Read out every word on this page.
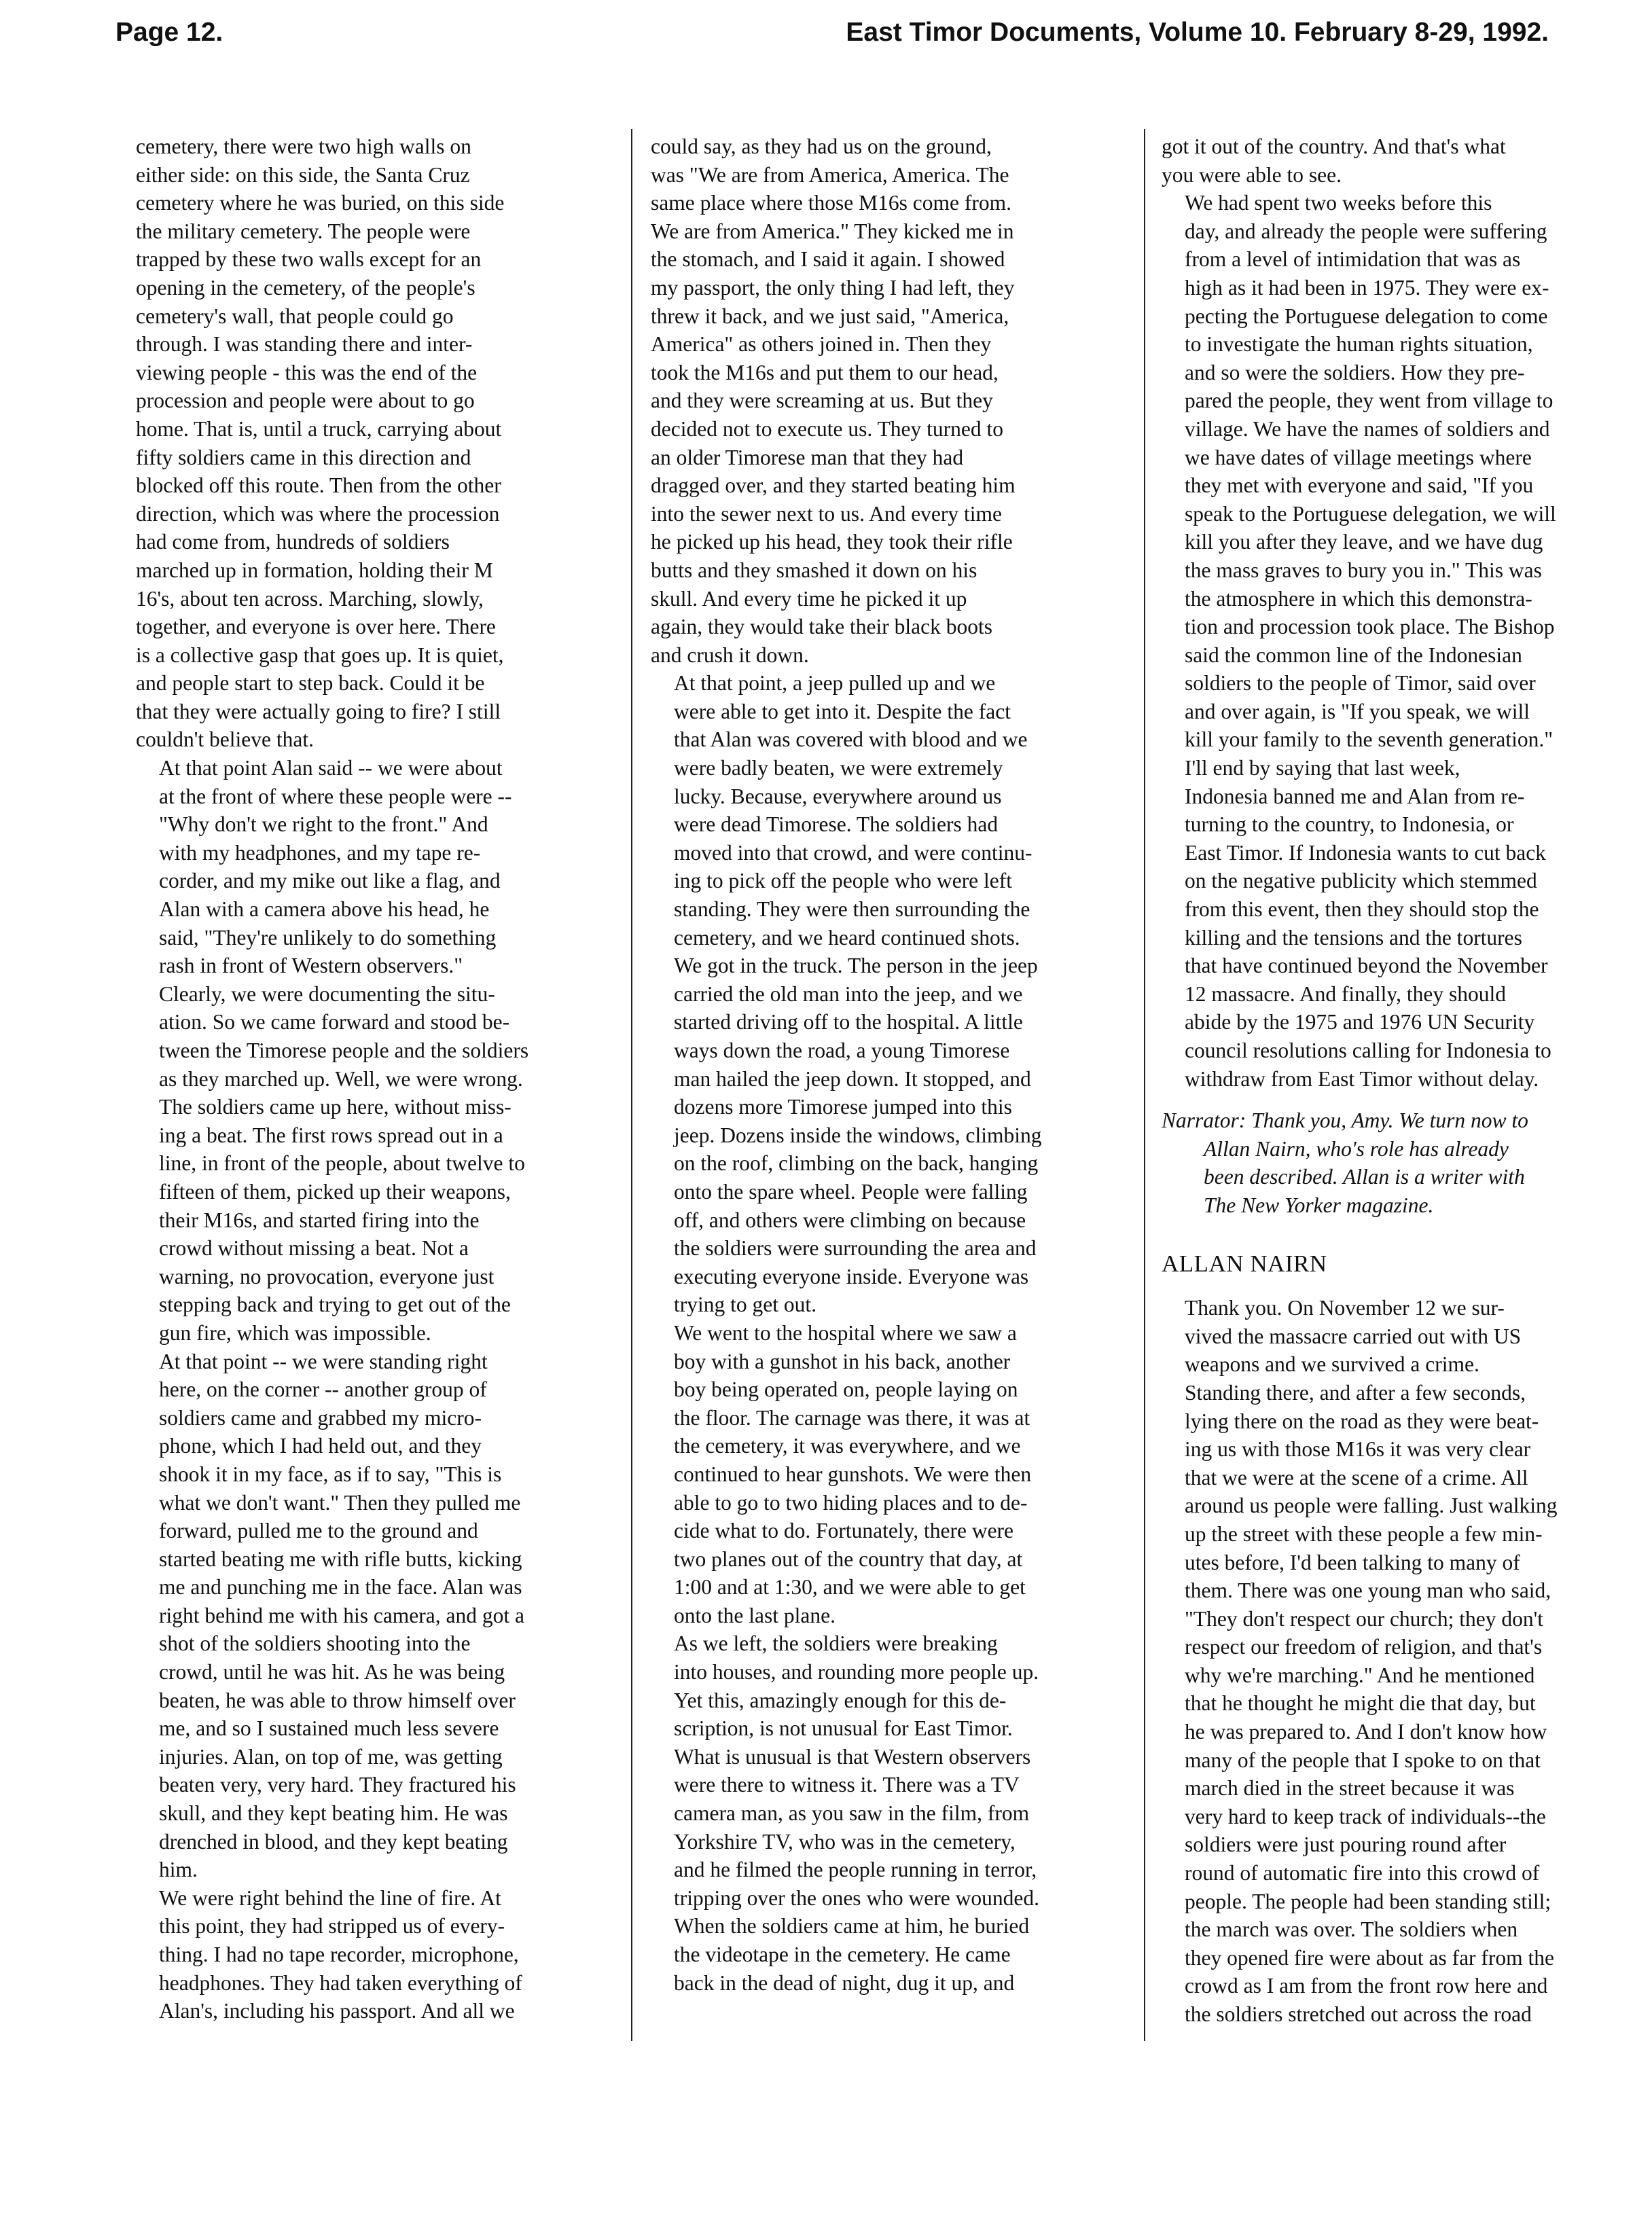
Page 12.	East Timor Documents, Volume 10. February 8-29, 1992.
cemetery, there were two high walls on
either side: on this side, the Santa Cruz
cemetery where he was buried, on this side
the military cemetery. The people were
trapped by these two walls except for an
opening in the cemetery, of the people's
cemetery's wall, that people could go
through. I was standing there and inter-
viewing people - this was the end of the
procession and people were about to go
home. That is, until a truck, carrying about
fifty soldiers came in this direction and
blocked off this route. Then from the other
direction, which was where the procession
had come from, hundreds of soldiers
marched up in formation, holding their M
16's, about ten across. Marching, slowly,
together, and everyone is over here. There
is a collective gasp that goes up. It is quiet,
and people start to step back. Could it be
that they were actually going to fire? I still
couldn't believe that.
At that point Alan said -- we were about
at the front of where these people were --
"Why don't we right to the front." And
with my headphones, and my tape re-
corder, and my mike out like a flag, and
Alan with a camera above his head, he
said, "They're unlikely to do something
rash in front of Western observers."
Clearly, we were documenting the situ-
ation. So we came forward and stood be-
tween the Timorese people and the soldiers
as they marched up. Well, we were wrong.
The soldiers came up here, without miss-
ing a beat. The first rows spread out in a
line, in front of the people, about twelve to
fifteen of them, picked up their weapons,
their M16s, and started firing into the
crowd without missing a beat. Not a
warning, no provocation, everyone just
stepping back and trying to get out of the
gun fire, which was impossible.
At that point -- we were standing right
here, on the corner -- another group of
soldiers came and grabbed my micro-
phone, which I had held out, and they
shook it in my face, as if to say, "This is
what we don't want." Then they pulled me
forward, pulled me to the ground and
started beating me with rifle butts, kicking
me and punching me in the face. Alan was
right behind me with his camera, and got a
shot of the soldiers shooting into the
crowd, until he was hit. As he was being
beaten, he was able to throw himself over
me, and so I sustained much less severe
injuries. Alan, on top of me, was getting
beaten very, very hard. They fractured his
skull, and they kept beating him. He was
drenched in blood, and they kept beating
him.
We were right behind the line of fire. At
this point, they had stripped us of every-
thing. I had no tape recorder, microphone,
headphones. They had taken everything of
Alan's, including his passport. And all we
could say, as they had us on the ground,
was "We are from America, America. The
same place where those M16s come from.
We are from America." They kicked me in
the stomach, and I said it again. I showed
my passport, the only thing I had left, they
threw it back, and we just said, "America,
America" as others joined in. Then they
took the M16s and put them to our head,
and they were screaming at us. But they
decided not to execute us. They turned to
an older Timorese man that they had
dragged over, and they started beating him
into the sewer next to us. And every time
he picked up his head, they took their rifle
butts and they smashed it down on his
skull. And every time he picked it up
again, they would take their black boots
and crush it down.
At that point, a jeep pulled up and we
were able to get into it. Despite the fact
that Alan was covered with blood and we
were badly beaten, we were extremely
lucky. Because, everywhere around us
were dead Timorese. The soldiers had
moved into that crowd, and were continu-
ing to pick off the people who were left
standing. They were then surrounding the
cemetery, and we heard continued shots.
We got in the truck. The person in the jeep
carried the old man into the jeep, and we
started driving off to the hospital. A little
ways down the road, a young Timorese
man hailed the jeep down. It stopped, and
dozens more Timorese jumped into this
jeep. Dozens inside the windows, climbing
on the roof, climbing on the back, hanging
onto the spare wheel. People were falling
off, and others were climbing on because
the soldiers were surrounding the area and
executing everyone inside. Everyone was
trying to get out.
We went to the hospital where we saw a
boy with a gunshot in his back, another
boy being operated on, people laying on
the floor. The carnage was there, it was at
the cemetery, it was everywhere, and we
continued to hear gunshots. We were then
able to go to two hiding places and to de-
cide what to do. Fortunately, there were
two planes out of the country that day, at
1:00 and at 1:30, and we were able to get
onto the last plane.
As we left, the soldiers were breaking
into houses, and rounding more people up.
Yet this, amazingly enough for this de-
scription, is not unusual for East Timor.
What is unusual is that Western observers
were there to witness it. There was a TV
camera man, as you saw in the film, from
Yorkshire TV, who was in the cemetery,
and he filmed the people running in terror,
tripping over the ones who were wounded.
When the soldiers came at him, he buried
the videotape in the cemetery. He came
back in the dead of night, dug it up, and
got it out of the country. And that's what
you were able to see.
We had spent two weeks before this
day, and already the people were suffering
from a level of intimidation that was as
high as it had been in 1975. They were ex-
pecting the Portuguese delegation to come
to investigate the human rights situation,
and so were the soldiers. How they pre-
pared the people, they went from village to
village. We have the names of soldiers and
we have dates of village meetings where
they met with everyone and said, "If you
speak to the Portuguese delegation, we will
kill you after they leave, and we have dug
the mass graves to bury you in." This was
the atmosphere in which this demonstra-
tion and procession took place. The Bishop
said the common line of the Indonesian
soldiers to the people of Timor, said over
and over again, is "If you speak, we will
kill your family to the seventh generation."
I'll end by saying that last week,
Indonesia banned me and Alan from re-
turning to the country, to Indonesia, or
East Timor. If Indonesia wants to cut back
on the negative publicity which stemmed
from this event, then they should stop the
killing and the tensions and the tortures
that have continued beyond the November
12 massacre. And finally, they should
abide by the 1975 and 1976 UN Security
council resolutions calling for Indonesia to
withdraw from East Timor without delay.
Narrator: Thank you, Amy. We turn now to
Allan Nairn, who's role has already
been described. Allan is a writer with
The New Yorker magazine.
ALLAN NAIRN
Thank you. On November 12 we sur-
vived the massacre carried out with US
weapons and we survived a crime.
Standing there, and after a few seconds,
lying there on the road as they were beat-
ing us with those M16s it was very clear
that we were at the scene of a crime. All
around us people were falling. Just walking
up the street with these people a few min-
utes before, I'd been talking to many of
them. There was one young man who said,
"They don't respect our church; they don't
respect our freedom of religion, and that's
why we're marching." And he mentioned
that he thought he might die that day, but
he was prepared to. And I don't know how
many of the people that I spoke to on that
march died in the street because it was
very hard to keep track of individuals--the
soldiers were just pouring round after
round of automatic fire into this crowd of
people. The people had been standing still;
the march was over. The soldiers when
they opened fire were about as far from the
crowd as I am from the front row here and
the soldiers stretched out across the road
